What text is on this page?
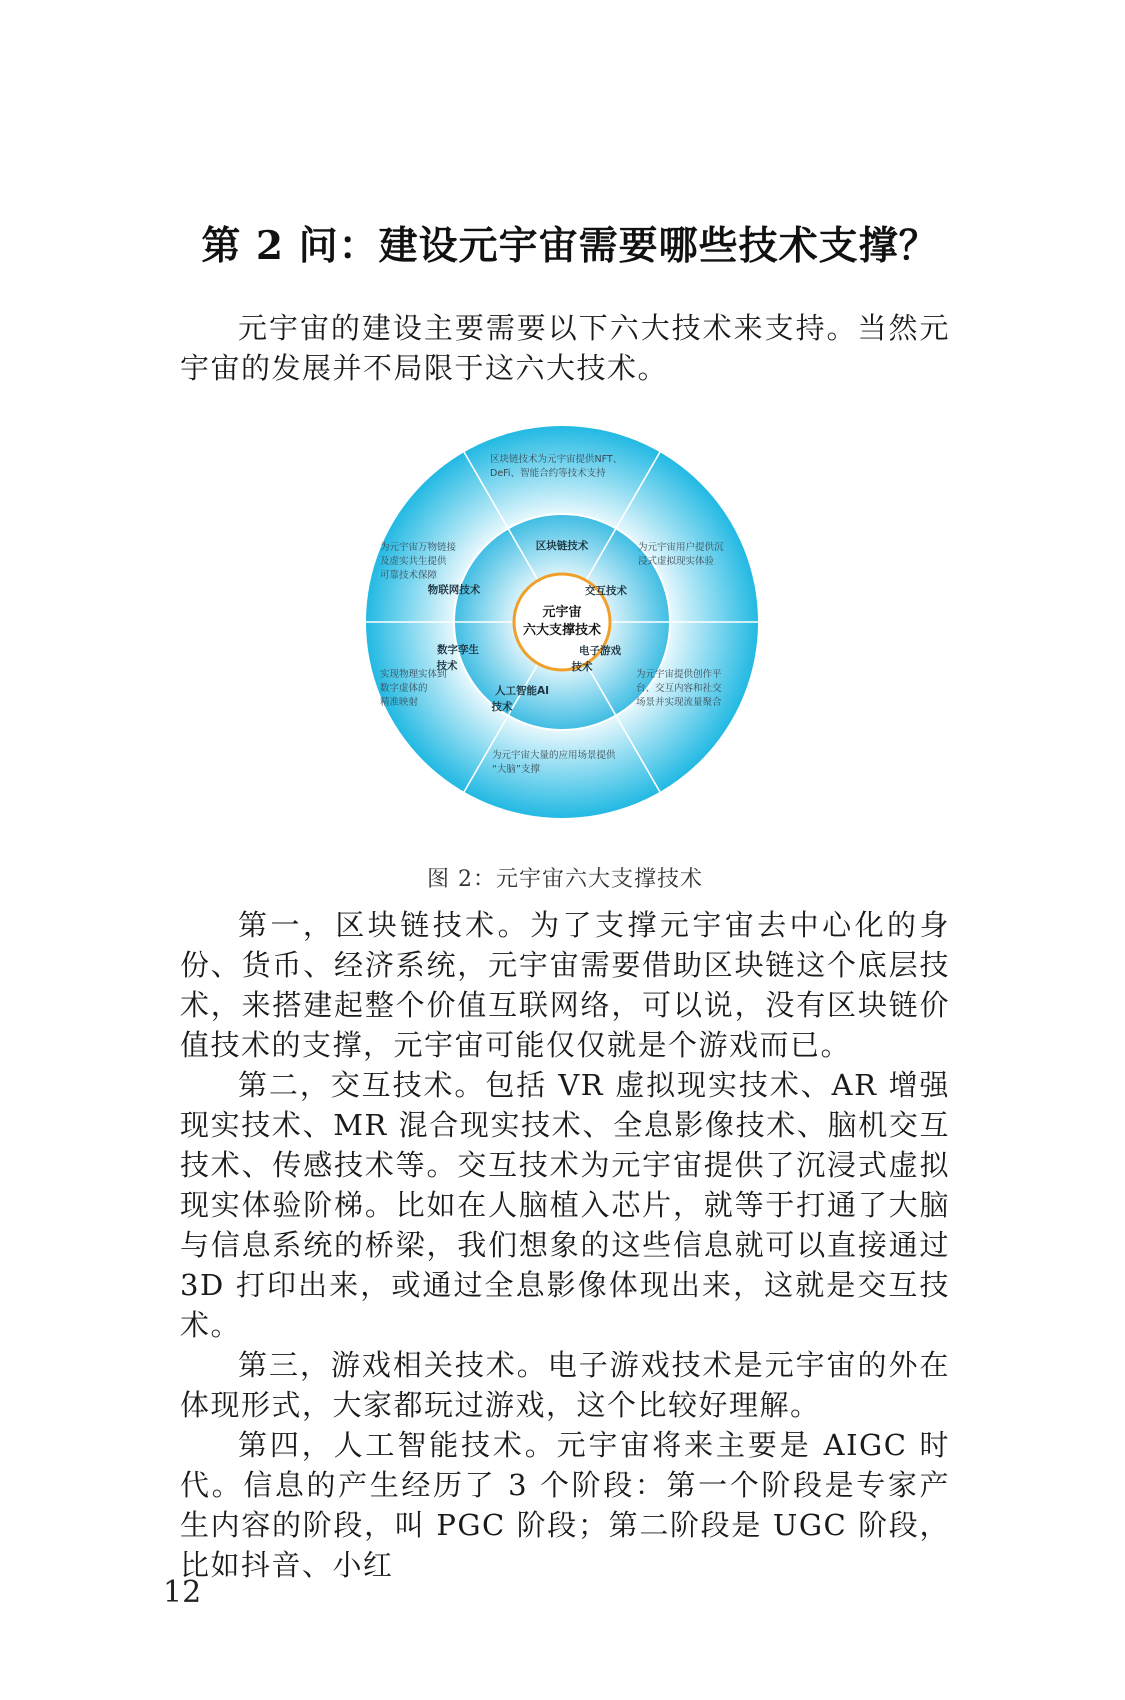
第 2 问：建设元宇宙需要哪些技术支撑？

元宇宙的建设主要需要以下六大技术来支持。当然元宇宙的发展并不局限于这六大技术。

元宇宙
六大支撑技术
区块链技术
交互技术
电子游戏
技术
人工智能AI
技术
数字孪生
技术
物联网技术
区块链技术为元宇宙提供NFT、
DeFi、智能合约等技术支持
为元宇宙用户提供沉
浸式虚拟现实体验
为元宇宙提供创作平
台、交互内容和社交
场景并实现流量聚合
为元宇宙大量的应用场景提供
“大脑”支撑
实现物理实体到
数字虚体的
精准映射
为元宇宙万物链接
及虚实共生提供
可靠技术保障
图 2：元宇宙六大支撑技术

第一，区块链技术。为了支撑元宇宙去中心化的身份、货币、经济系统，元宇宙需要借助区块链这个底层技术，来搭建起整个价值互联网络，可以说，没有区块链价值技术的支撑，元宇宙可能仅仅就是个游戏而已。

第二，交互技术。包括 VR 虚拟现实技术、AR 增强现实技术、MR 混合现实技术、全息影像技术、脑机交互技术、传感技术等。交互技术为元宇宙提供了沉浸式虚拟现实体验阶梯。比如在人脑植入芯片，就等于打通了大脑与信息系统的桥梁，我们想象的这些信息就可以直接通过 3D 打印出来，或通过全息影像体现出来，这就是交互技术。

第三，游戏相关技术。电子游戏技术是元宇宙的外在体现形式，大家都玩过游戏，这个比较好理解。

第四，人工智能技术。元宇宙将来主要是 AIGC 时代。信息的产生经历了 3 个阶段：第一个阶段是专家产生内容的阶段，叫 PGC 阶段；第二阶段是 UGC 阶段，比如抖音、小红

12
